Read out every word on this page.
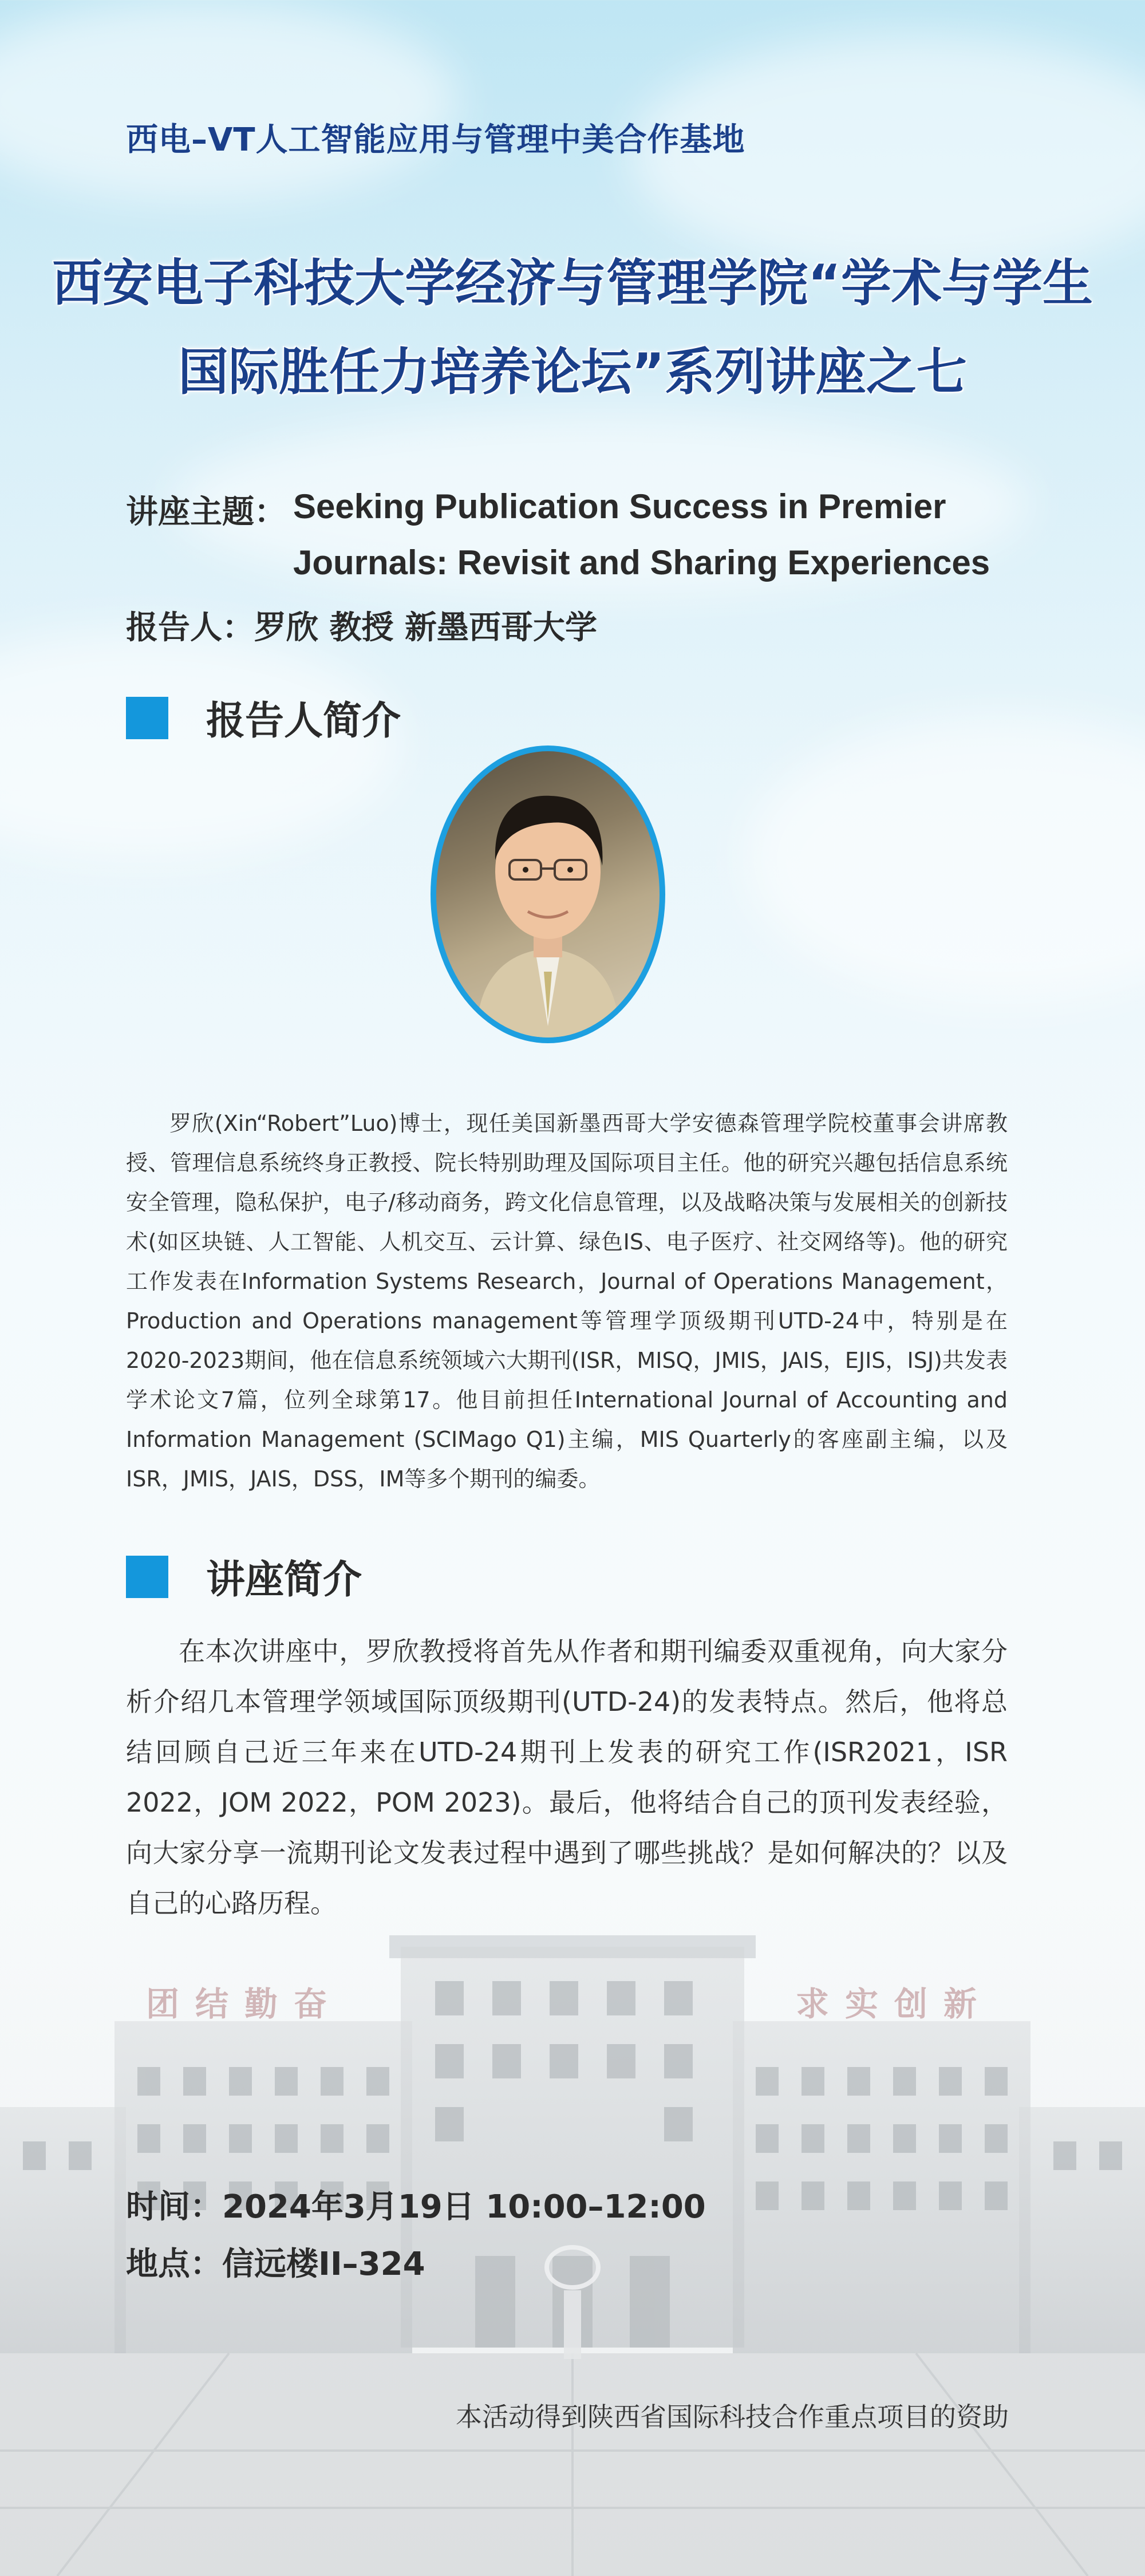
团结勤奋	求实创新
西电–VT人工智能应用与管理中美合作基地
西安电子科技大学经济与管理学院“学术与学生
国际胜任力培养论坛”系列讲座之七
讲座主题： Seeking Publication Success in Premier
Journals: Revisit and Sharing Experiences
报告人：罗欣 教授 新墨西哥大学
报告人简介
罗欣(Xin“Robert”Luo)博士，现任美国新墨西哥大学安德森管理学院校董事会讲席教授、管理信息系统终身正教授、院长特别助理及国际项目主任。他的研究兴趣包括信息系统安全管理，隐私保护，电子/移动商务，跨文化信息管理，以及战略决策与发展相关的创新技术(如区块链、人工智能、人机交互、云计算、绿色IS、电子医疗、社交网络等)。他的研究工作发表在Information Systems Research，Journal of Operations Management，Production and Operations management等管理学顶级期刊UTD-24中，特别是在2020-2023期间，他在信息系统领域六大期刊(ISR，MISQ，JMIS，JAIS，EJIS，ISJ)共发表学术论文7篇，位列全球第17。他目前担任International Journal of Accounting and Information Management (SCIMago Q1)主编，MIS Quarterly的客座副主编，以及ISR，JMIS，JAIS，DSS，IM等多个期刊的编委。
讲座简介
在本次讲座中，罗欣教授将首先从作者和期刊编委双重视角，向大家分析介绍几本管理学领域国际顶级期刊(UTD-24)的发表特点。然后，他将总结回顾自己近三年来在UTD-24期刊上发表的研究工作(ISR2021，ISR 2022，JOM 2022，POM 2023)。最后，他将结合自己的顶刊发表经验，向大家分享一流期刊论文发表过程中遇到了哪些挑战？是如何解决的？以及自己的心路历程。
时间：2024年3月19日 10:00–12:00
地点：信远楼II–324
本活动得到陕西省国际科技合作重点项目的资助
